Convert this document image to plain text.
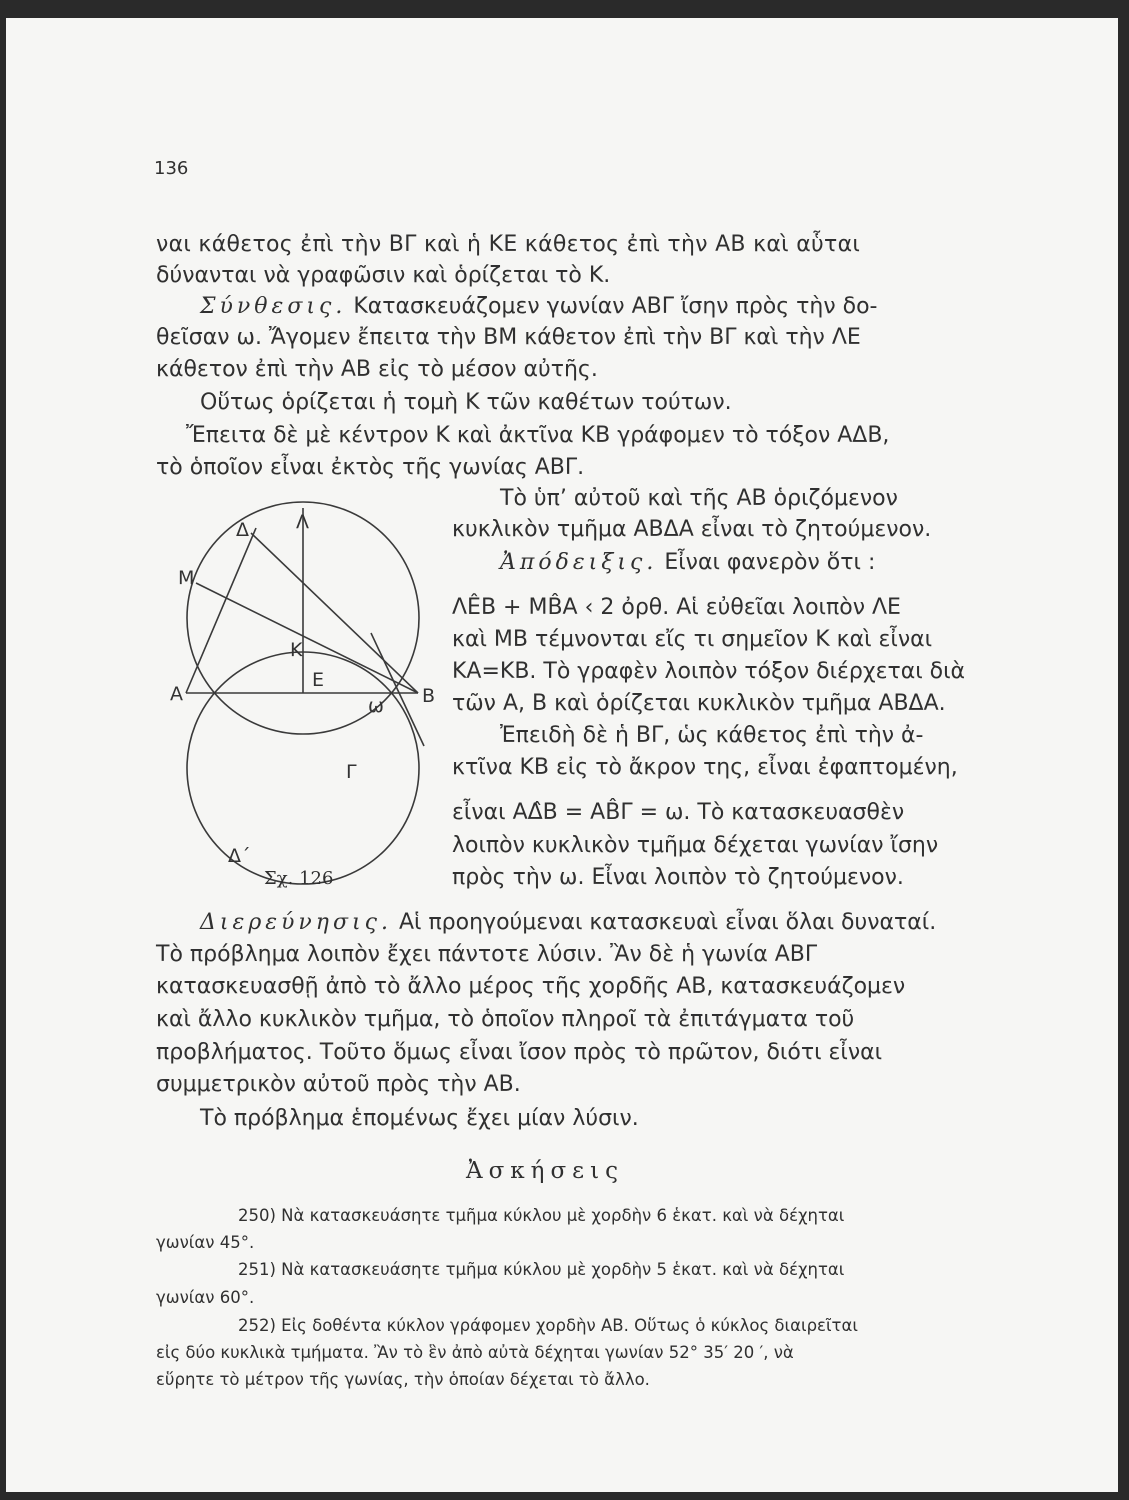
136
ναι κάθετος ἐπὶ τὴν ΒΓ καὶ ἡ ΚΕ κάθετος ἐπὶ τὴν ΑΒ καὶ αὗται
δύνανται νὰ γραφῶσιν καὶ ὁρίζεται τὸ Κ.
Σύνθεσις. Κατασκευάζομεν γωνίαν ΑΒΓ ἴσην πρὸς τὴν δο-
θεῖσαν ω. Ἄγομεν ἔπειτα τὴν ΒΜ κάθετον ἐπὶ τὴν ΒΓ καὶ τὴν ΛΕ
κάθετον ἐπὶ τὴν ΑΒ εἰς τὸ μέσον αὐτῆς.
Οὕτως ὁρίζεται ἡ τομὴ Κ τῶν καθέτων τούτων.
Ἔπειτα δὲ μὲ κέντρον Κ καὶ ἀκτῖνα ΚΒ γράφομεν τὸ τόξον ΑΔΒ,
τὸ ὁποῖον εἶναι ἐκτὸς τῆς γωνίας ΑΒΓ.
Τὸ ὑπ’ αὐτοῦ καὶ τῆς ΑΒ ὁριζόμενον
κυκλικὸν τμῆμα ΑΒΔΑ εἶναι τὸ ζητούμενον.
Ἀπόδειξις. Εἶναι φανερὸν ὅτι :
ΛÊΒ + ΜB̂Α ‹ 2 ὀρθ. Αἱ εὐθεῖαι λοιπὸν ΛΕ
καὶ ΜΒ τέμνονται εἴς τι σημεῖον Κ καὶ εἶναι
ΚΑ=ΚΒ. Τὸ γραφὲν λοιπὸν τόξον διέρχεται διὰ
τῶν Α, Β καὶ ὁρίζεται κυκλικὸν τμῆμα ΑΒΔΑ.
Ἐπειδὴ δὲ ἡ ΒΓ, ὡς κάθετος ἐπὶ τὴν ἀ-
κτῖνα ΚΒ εἰς τὸ ἄκρον της, εἶναι ἐφαπτομένη,
εἶναι ΑΔ̂Β = ΑB̂Γ = ω. Τὸ κατασκευασθὲν
λοιπὸν κυκλικὸν τμῆμα δέχεται γωνίαν ἴσην
πρὸς τὴν ω. Εἶναι λοιπὸν τὸ ζητούμενον.
Διερεύνησις. Αἱ προηγούμεναι κατασκευαὶ εἶναι ὅλαι δυναταί.
Τὸ πρόβλημα λοιπὸν ἔχει πάντοτε λύσιν. Ἂν δὲ ἡ γωνία ΑΒΓ
κατασκευασθῇ ἀπὸ τὸ ἄλλο μέρος τῆς χορδῆς ΑΒ, κατασκευάζομεν
καὶ ἄλλο κυκλικὸν τμῆμα, τὸ ὁποῖον πληροῖ τὰ ἐπιτάγματα τοῦ
προβλήματος. Τοῦτο ὅμως εἶναι ἴσον πρὸς τὸ πρῶτον, διότι εἶναι
συμμετρικὸν αὐτοῦ πρὸς τὴν ΑΒ.
Τὸ πρόβλημα ἑπομένως ἔχει μίαν λύσιν.
Ἀσκήσεις
250) Νὰ κατασκευάσητε τμῆμα κύκλου μὲ χορδὴν 6 ἑκατ. καὶ νὰ δέχηται
γωνίαν 45°.
251) Νὰ κατασκευάσητε τμῆμα κύκλου μὲ χορδὴν 5 ἑκατ. καὶ νὰ δέχηται
γωνίαν 60°.
252) Εἰς δοθέντα κύκλον γράφομεν χορδὴν ΑΒ. Οὕτως ὁ κύκλος διαιρεῖται
εἰς δύο κυκλικὰ τμήματα. Ἂν τὸ ἓν ἀπὸ αὐτὰ δέχηται γωνίαν 52° 35′ 20 ′, νὰ
εὕρητε τὸ μέτρον τῆς γωνίας, τὴν ὁποίαν δέχεται τὸ ἄλλο.
Δ Λ
Μ
Κ
Α
Ε
Β
ω
Γ
Δ΄
Σχ. 126
